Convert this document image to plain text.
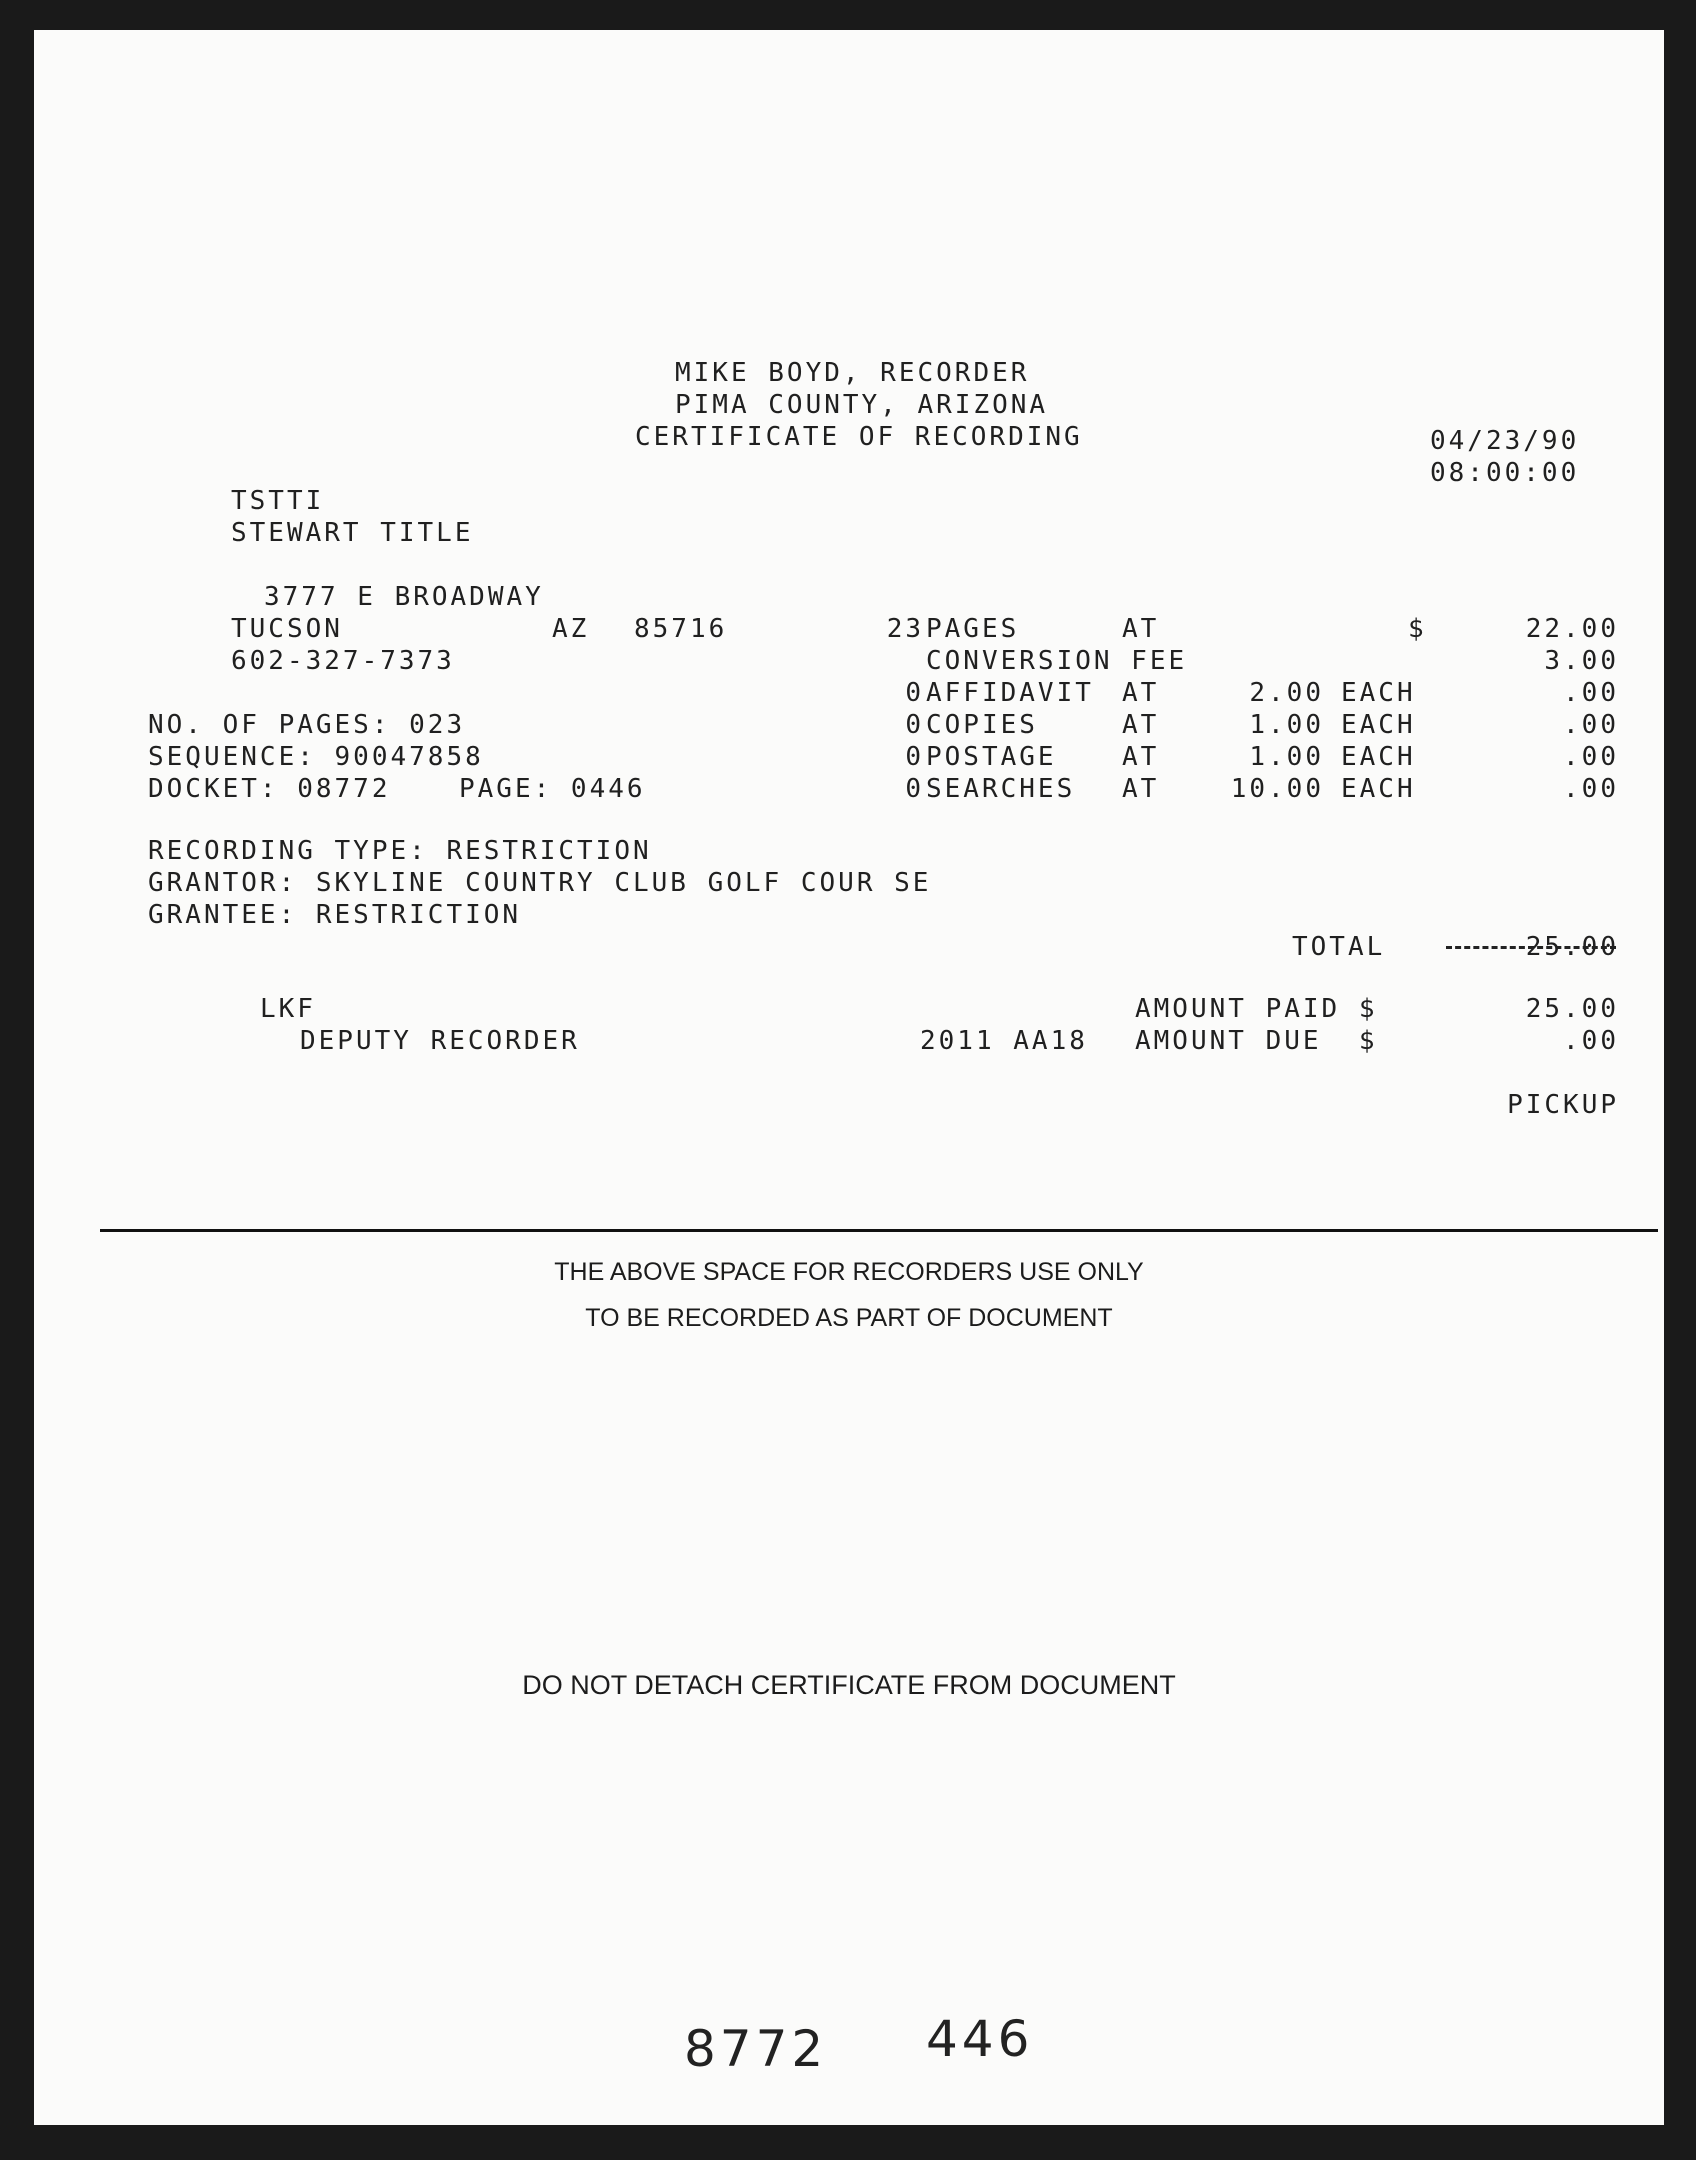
MIKE BOYD, RECORDER
PIMA COUNTY, ARIZONA
CERTIFICATE OF RECORDING	04/23/90
08:00:00
TSTTI
STEWART TITLE
3777 E BROADWAY
TUCSON	AZ 85716
602-327-7373
NO. OF PAGES: 023
SEQUENCE: 90047858
DOCKET: 08772	PAGE: 0446
23 PAGES	AT	$	22.00
CONVERSION FEE	3.00
0 AFFIDAVIT AT	2.00 EACH	.00
0 COPIES	AT	1.00 EACH	.00
0 POSTAGE	AT	1.00 EACH	.00
0 SEARCHES AT	10.00 EACH	.00
RECORDING TYPE: RESTRICTION
GRANTOR: SKYLINE COUNTRY CLUB GOLF COUR SE
GRANTEE: RESTRICTION
TOTAL	25.00
LKF	AMOUNT PAID $	25.00
DEPUTY RECORDER	2011 AA18 AMOUNT DUE  $	.00
PICKUP
THE ABOVE SPACE FOR RECORDERS USE ONLY
TO BE RECORDED AS PART OF DOCUMENT
DO NOT DETACH CERTIFICATE FROM DOCUMENT
8772 446
